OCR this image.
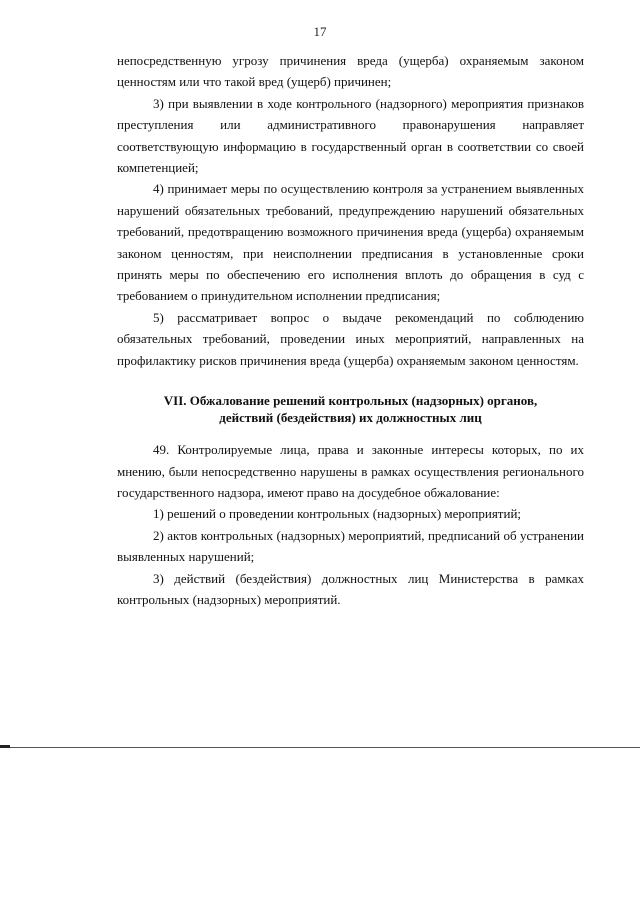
17

непосредственную угрозу причинения вреда (ущерба) охраняемым законом ценностям или что такой вред (ущерб) причинен;

3) при выявлении в ходе контрольного (надзорного) мероприятия признаков преступления или административного правонарушения направляет соответствующую информацию в государственный орган в соответствии со своей компетенцией;

4) принимает меры по осуществлению контроля за устранением выявленных нарушений обязательных требований, предупреждению нарушений обязательных требований, предотвращению возможного причинения вреда (ущерба) охраняемым законом ценностям, при неисполнении предписания в установленные сроки принять меры по обеспечению его исполнения вплоть до обращения в суд с требованием о принудительном исполнении предписания;

5) рассматривает вопрос о выдаче рекомендаций по соблюдению обязательных требований, проведении иных мероприятий, направленных на профилактику рисков причинения вреда (ущерба) охраняемым законом ценностям.

VII. Обжалование решений контрольных (надзорных) органов,
действий (бездействия) их должностных лиц

49. Контролируемые лица, права и законные интересы которых, по их мнению, были непосредственно нарушены в рамках осуществления регионального государственного надзора, имеют право на досудебное обжалование:

1) решений о проведении контрольных (надзорных) мероприятий;

2) актов контрольных (надзорных) мероприятий, предписаний об устранении выявленных нарушений;

3) действий (бездействия) должностных лиц Министерства в рамках контрольных (надзорных) мероприятий.
